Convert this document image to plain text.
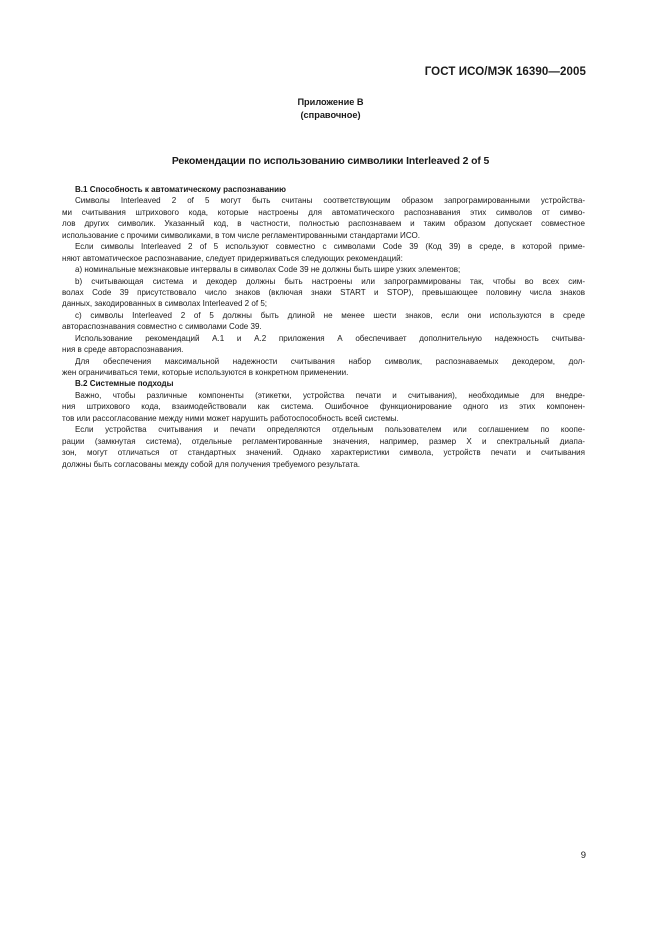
ГОСТ ИСО/МЭК 16390—2005
Приложение В
(справочное)
Рекомендации по использованию символики Interleaved 2 of 5
В.1 Способность к автоматическому распознаванию
Символы Interleaved 2 of 5 могут быть считаны соответствующим образом запрограмированными устройства-
ми считывания штрихового кода, которые настроены для автоматического распознавания этих символов от симво-
лов других символик. Указанный код, в частности, полностью распознаваем и таким образом допускает совместное
использование с прочими символиками, в том числе регламентированными стандартами ИСО.
Если символы Interleaved 2 of 5 используют совместно с символами Code 39 (Код 39) в среде, в которой приме-
няют автоматическое распознавание, следует придерживаться следующих рекомендаций:
а) номинальные межзнаковые интервалы в символах Code 39 не должны быть шире узких элементов;
b) считывающая система и декодер должны быть настроены или запрограммированы так, чтобы во всех сим-
волах Code 39 присутствовало число знаков (включая знаки START и STOP), превышающее половину числа знаков
данных, закодированных в символах Interleaved 2 of 5;
с) символы Interleaved 2 of 5 должны быть длиной не менее шести знаков, если они используются в среде
автораспознавания совместно с символами Code 39.
Использование рекомендаций А.1 и А.2 приложения А обеспечивает дополнительную надежность считыва-
ния в среде автораспознавания.
Для обеспечения максимальной надежности считывания набор символик, распознаваемых декодером, дол-
жен ограничиваться теми, которые используются в конкретном применении.
В.2 Системные подходы
Важно, чтобы различные компоненты (этикетки, устройства печати и считывания), необходимые для внедре-
ния штрихового кода, взаимодействовали как система. Ошибочное функционирование одного из этих компонен-
тов или рассогласование между ними может нарушить работоспособность всей системы.
Если устройства считывания и печати определяются отдельным пользователем или соглашением по коопе-
рации (замкнутая система), отдельные регламентированные значения, например, размер X и спектральный диапа-
зон, могут отличаться от стандартных значений. Однако характеристики символа, устройств печати и считывания
должны быть согласованы между собой для получения требуемого результата.
9
